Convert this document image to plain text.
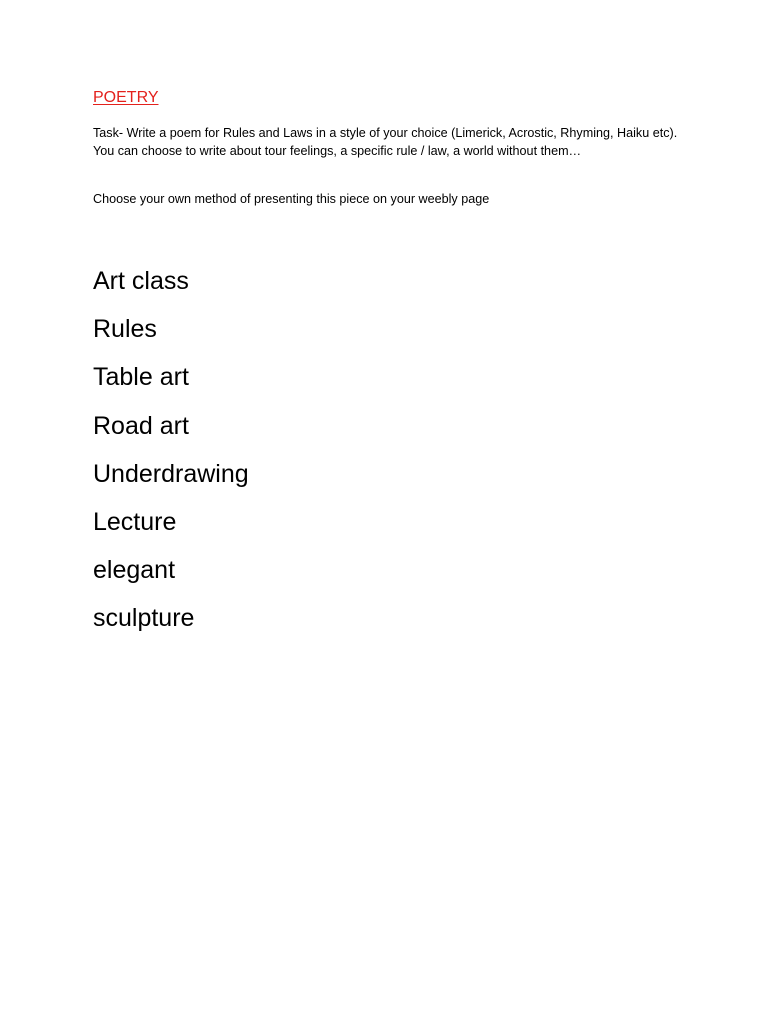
POETRY

Task- Write a poem for Rules and Laws in a style of your choice (Limerick, Acrostic, Rhyming, Haiku etc). You can choose to write about tour feelings, a specific rule / law, a world without them…

Choose your own method of presenting this piece on your weebly page

Art class
Rules
Table art
Road art
Underdrawing
Lecture
elegant
sculpture
